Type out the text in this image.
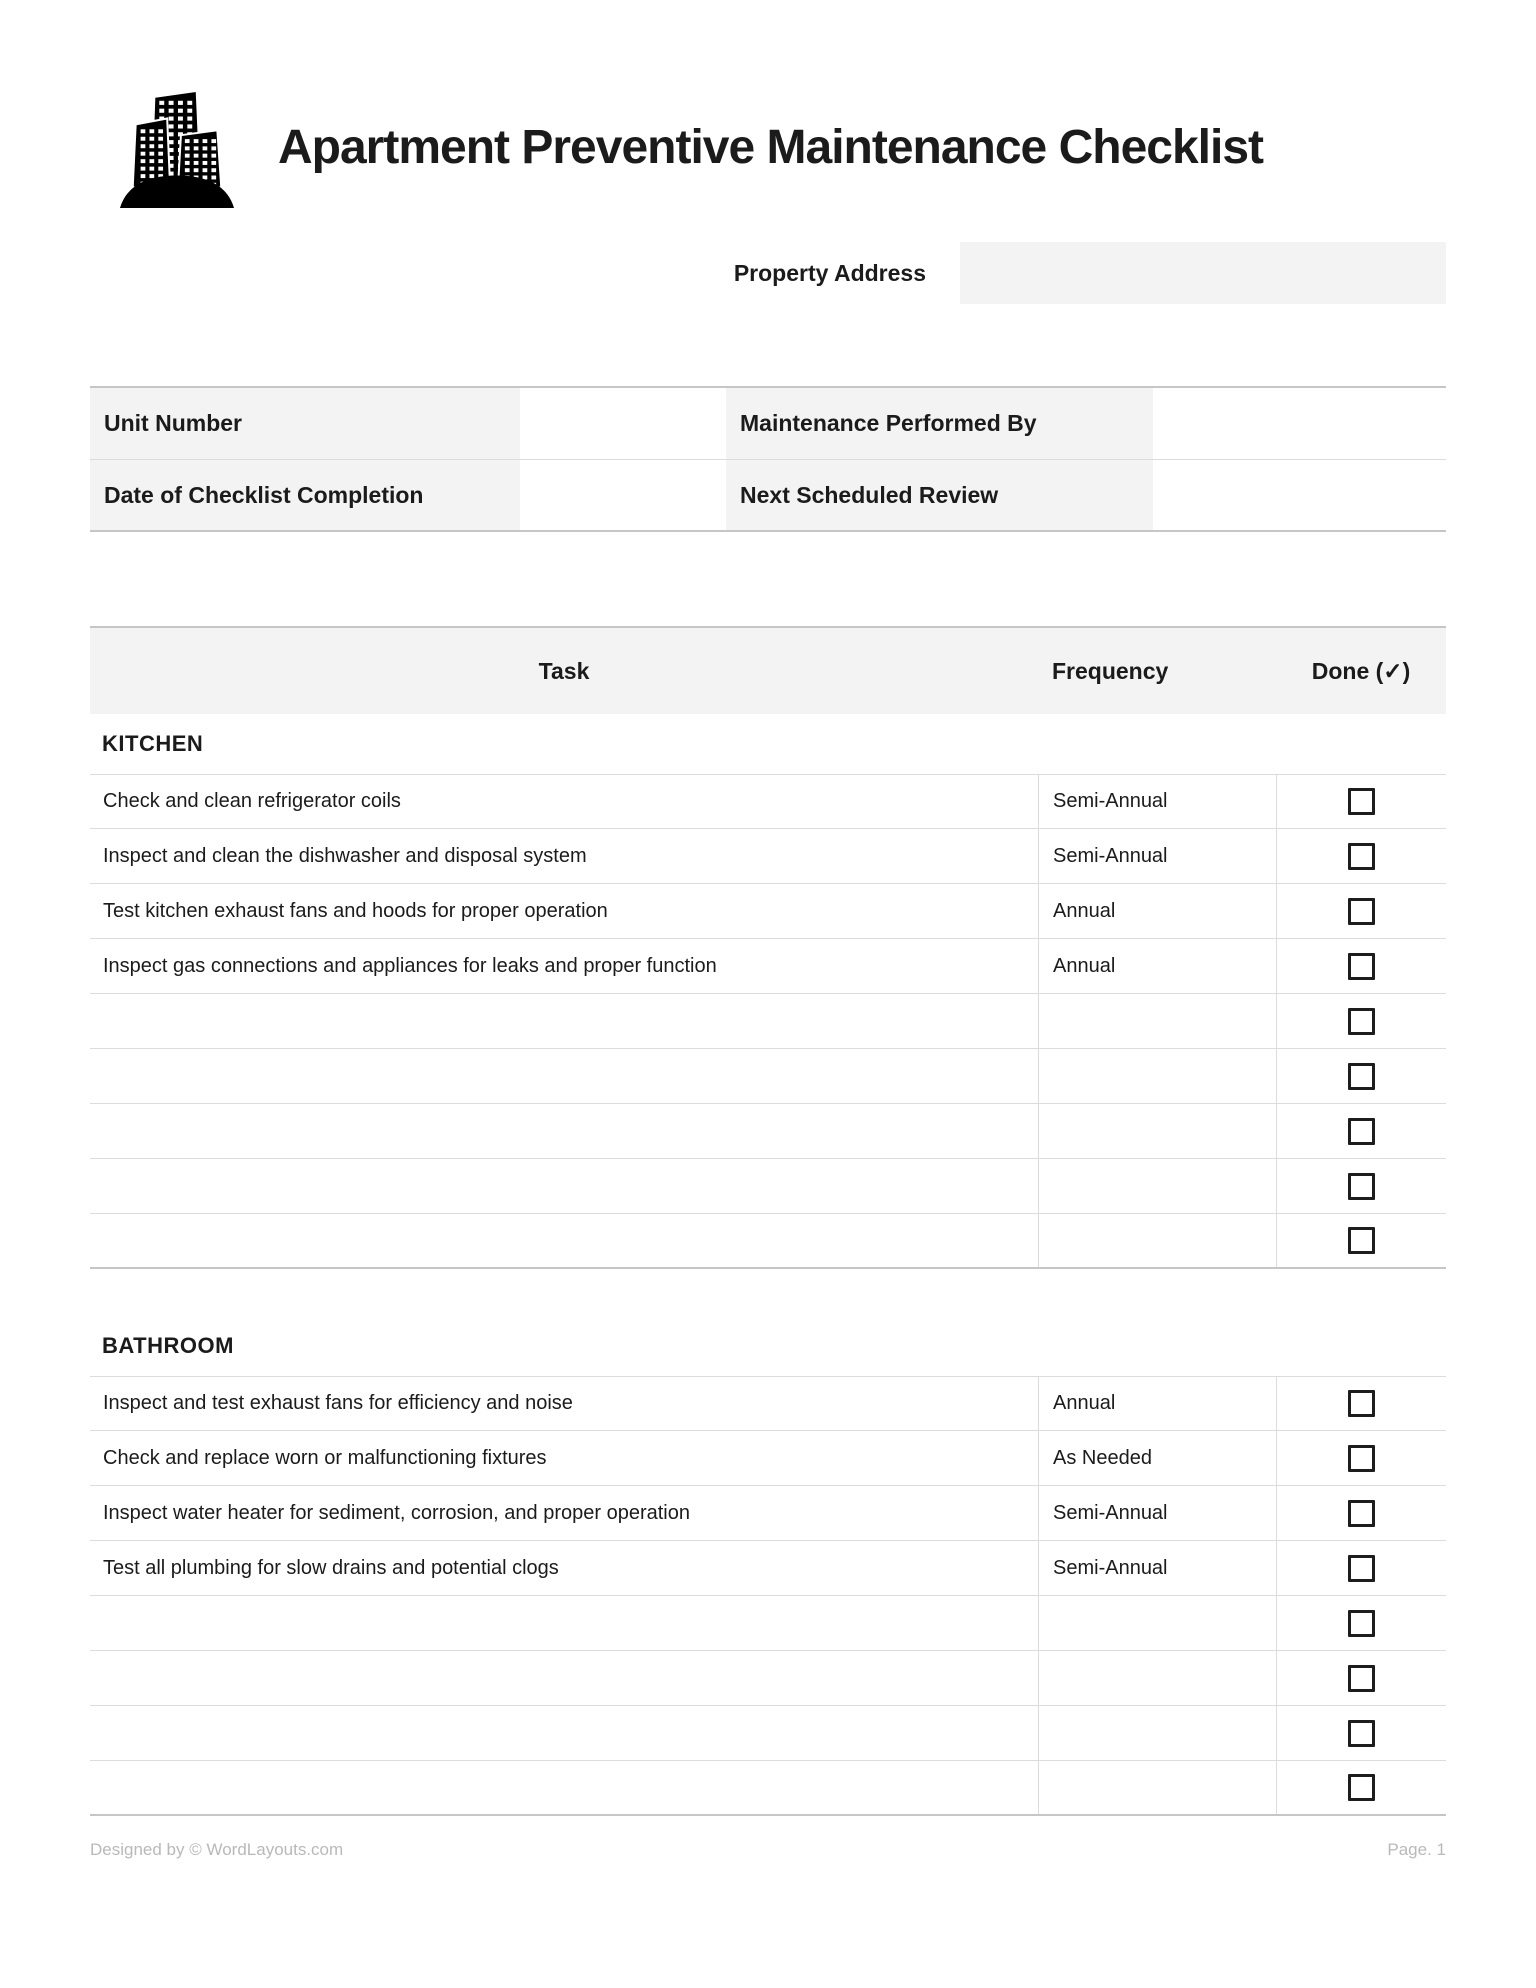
Apartment Preventive Maintenance Checklist
Property Address
Unit Number	Maintenance Performed By
Date of Checklist Completion	Next Scheduled Review
Task	Frequency	Done (✓)
KITCHEN
Check and clean refrigerator coils	Semi-Annual
Inspect and clean the dishwasher and disposal system	Semi-Annual
Test kitchen exhaust fans and hoods for proper operation	Annual
Inspect gas connections and appliances for leaks and proper function	Annual
BATHROOM
Inspect and test exhaust fans for efficiency and noise	Annual
Check and replace worn or malfunctioning fixtures	As Needed
Inspect water heater for sediment, corrosion, and proper operation	Semi-Annual
Test all plumbing for slow drains and potential clogs	Semi-Annual
Designed by © WordLayouts.com	Page. 1
